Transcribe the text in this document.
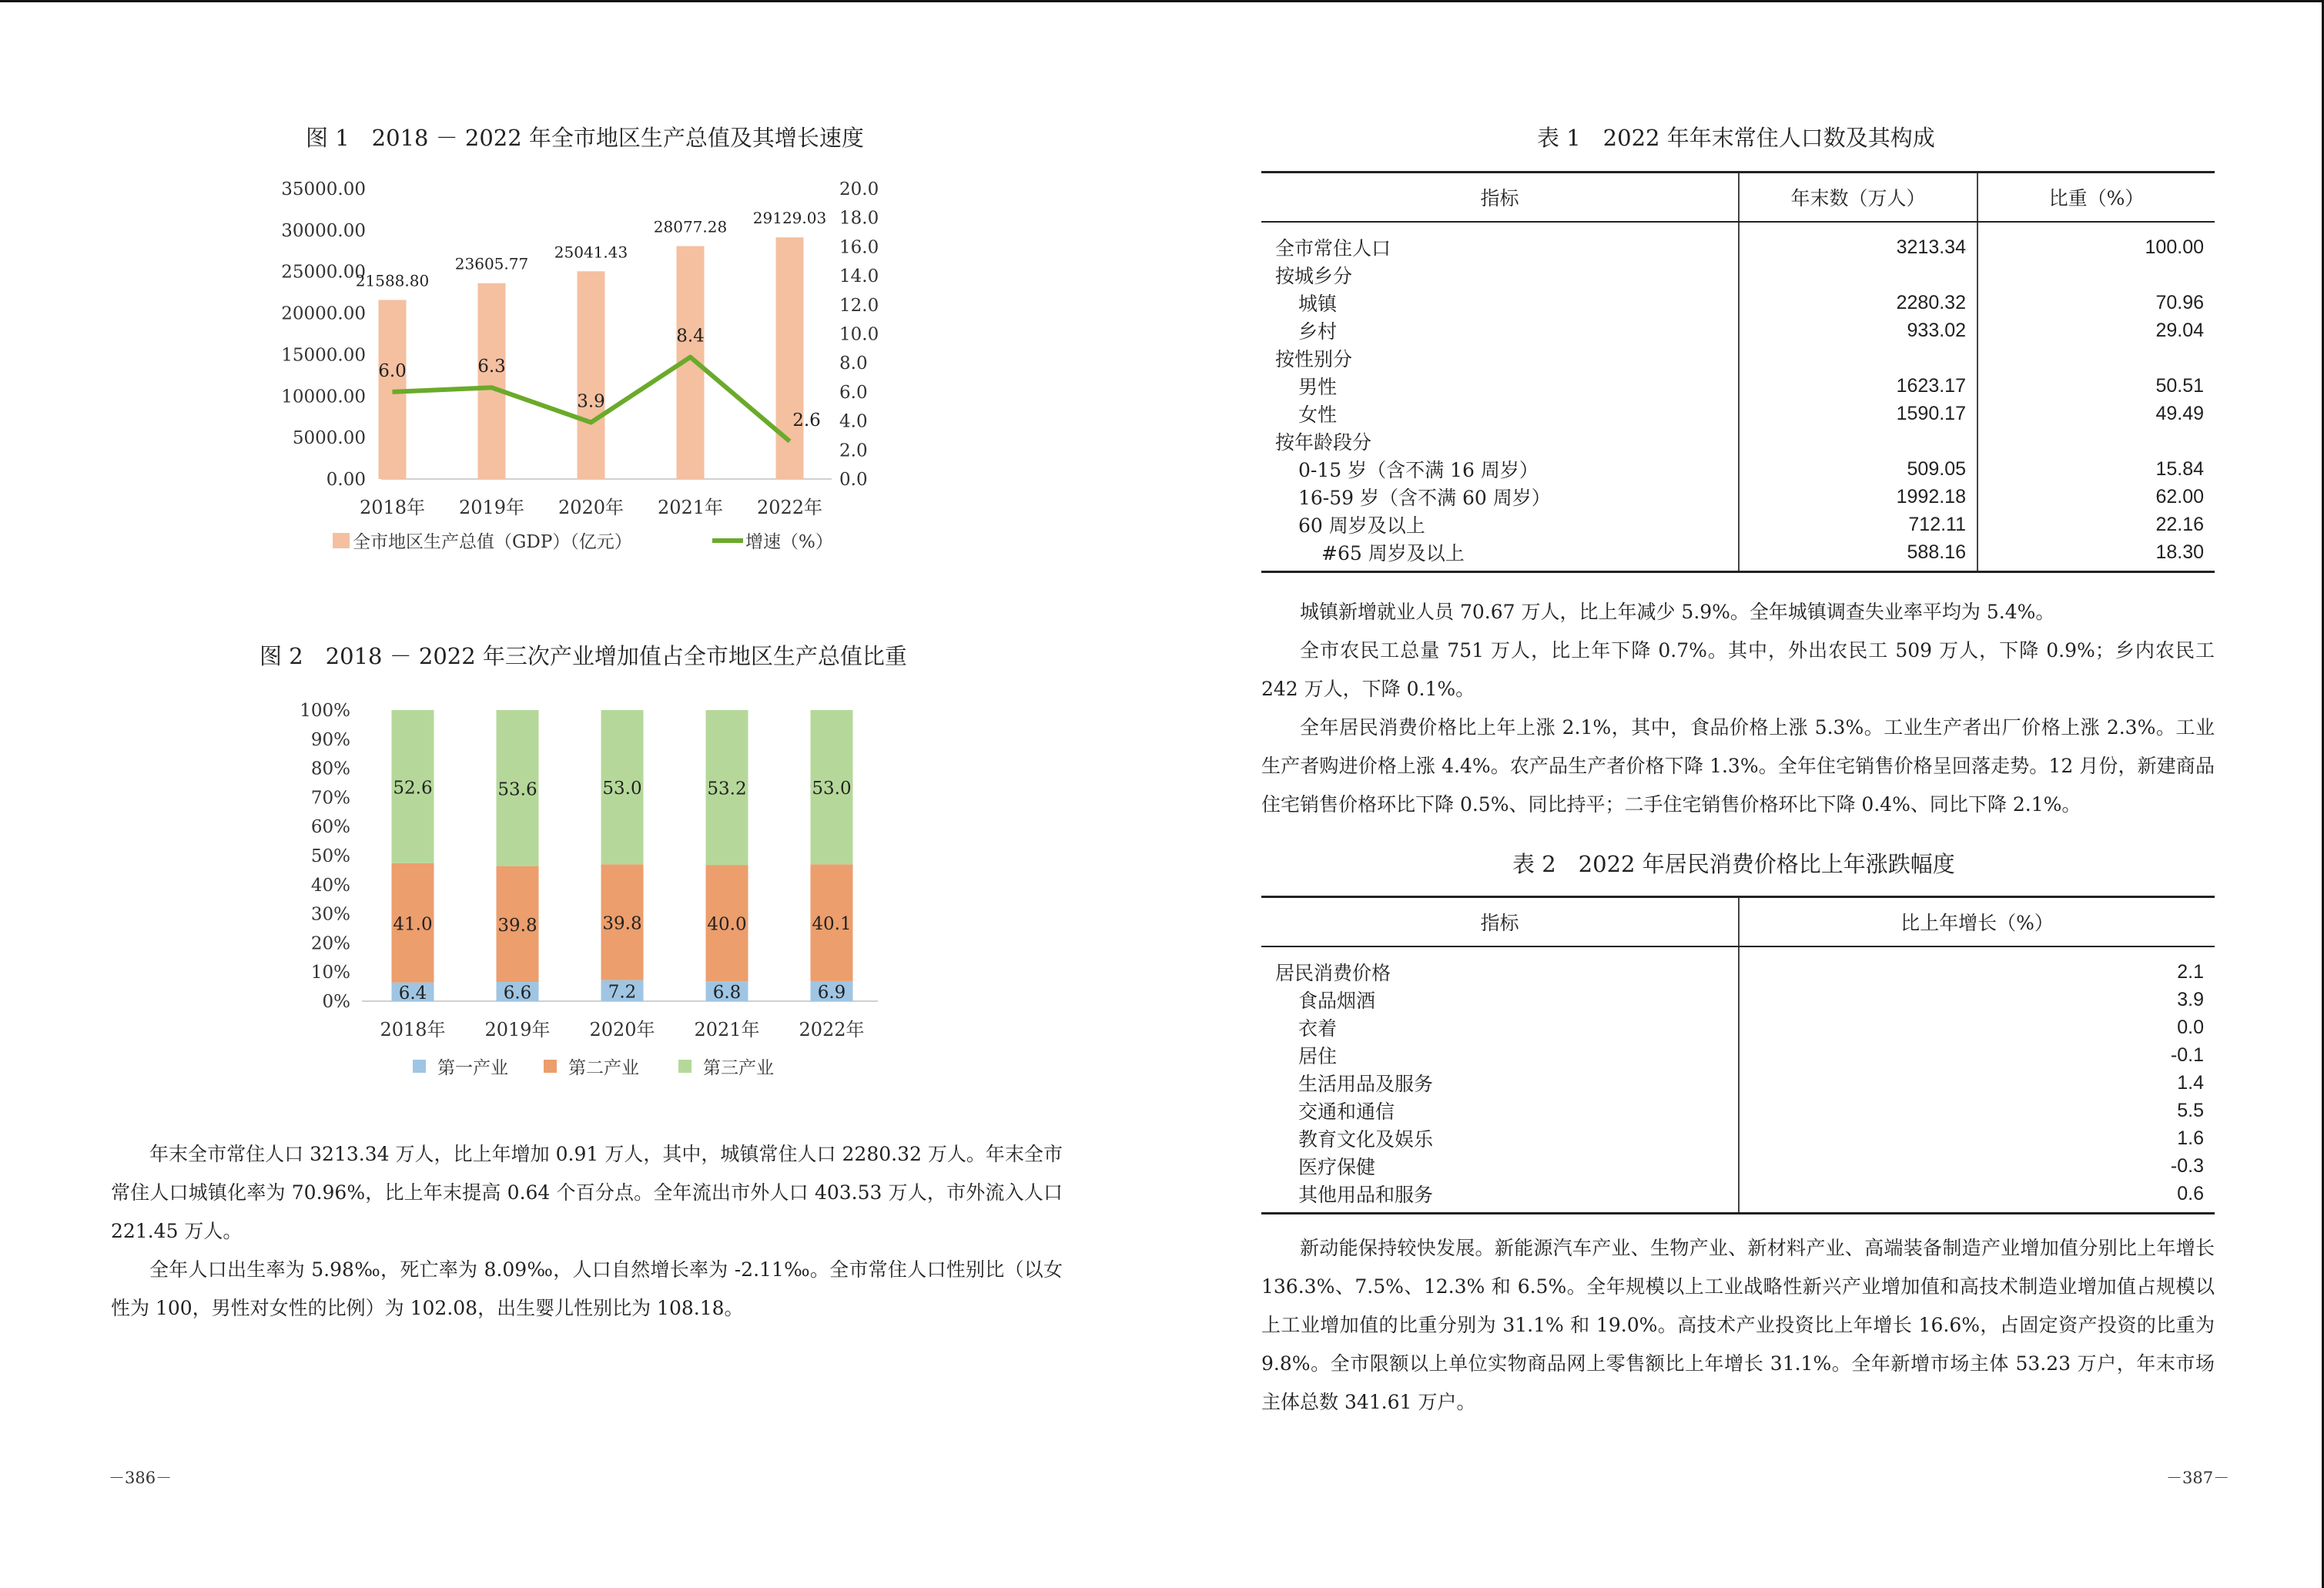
图 1　2018 － 2022 年全市地区生产总值及其增长速度
0.00
5000.00
10000.00
15000.00
20000.00
25000.00
30000.00
35000.00
0.0
2.0
4.0
6.0
8.0
10.0
12.0
14.0
16.0
18.0
20.0
21588.80
2018年
23605.77
2019年
25041.43
2020年
28077.28
2021年
29129.03
2022年
6.0	6.3
3.9
8.4
2.6
全市地区生产总值（GDP）（亿元）	增速（%）
图 2　2018 － 2022 年三次产业增加值占全市地区生产总值比重
0%
10%
20%
30%
40%
50%
60%
70%
80%
90%
100%
6.4
41.0
52.6
2018年
6.6
39.8
53.6
2019年
7.2
39.8
53.0
2020年
6.8
40.0
53.2
2021年
6.9
40.1
53.0
2022年
第一产业	第二产业	第三产业

年末全市常住人口 3213.34 万人，比上年增加 0.91 万人，其中，城镇常住人口 2280.32 万人。年末全市常住人口城镇化率为 70.96%，比上年末提高 0.64 个百分点。全年流出市外人口 403.53 万人，市外流入人口 221.45 万人。

全年人口出生率为 5.98‰，死亡率为 8.09‰，人口自然增长率为 -2.11‰。全市常住人口性别比（以女性为 100，男性对女性的比例）为 102.08，出生婴儿性别比为 108.18。

－386－
表 1　2022 年年末常住人口数及其构成
指标	年末数（万人）	比重（%）
全市常住人口	3213.34	100.00
按城乡分		
城镇	2280.32	70.96
乡村	933.02	29.04
按性别分		
男性	1623.17	50.51
女性	1590.17	49.49
按年龄段分		
0-15 岁（含不满 16 周岁）	509.05	15.84
16-59 岁（含不满 60 周岁）	1992.18	62.00
60 周岁及以上	712.11	22.16
#65 周岁及以上	588.16	18.30

城镇新增就业人员 70.67 万人，比上年减少 5.9%。全年城镇调查失业率平均为 5.4%。

全市农民工总量 751 万人，比上年下降 0.7%。其中，外出农民工 509 万人，下降 0.9%；乡内农民工 242 万人，下降 0.1%。

全年居民消费价格比上年上涨 2.1%，其中，食品价格上涨 5.3%。工业生产者出厂价格上涨 2.3%。工业生产者购进价格上涨 4.4%。农产品生产者价格下降 1.3%。全年住宅销售价格呈回落走势。12 月份，新建商品住宅销售价格环比下降 0.5%、同比持平；二手住宅销售价格环比下降 0.4%、同比下降 2.1%。

表 2　2022 年居民消费价格比上年涨跌幅度
指标	比上年增长（%）
居民消费价格	2.1
食品烟酒	3.9
衣着	0.0
居住	-0.1
生活用品及服务	1.4
交通和通信	5.5
教育文化及娱乐	1.6
医疗保健	-0.3
其他用品和服务	0.6

新动能保持较快发展。新能源汽车产业、生物产业、新材料产业、高端装备制造产业增加值分别比上年增长 136.3%、7.5%、12.3% 和 6.5%。全年规模以上工业战略性新兴产业增加值和高技术制造业增加值占规模以上工业增加值的比重分别为 31.1% 和 19.0%。高技术产业投资比上年增长 16.6%，占固定资产投资的比重为 9.8%。全市限额以上单位实物商品网上零售额比上年增长 31.1%。全年新增市场主体 53.23 万户，年末市场主体总数 341.61 万户。

－387－
